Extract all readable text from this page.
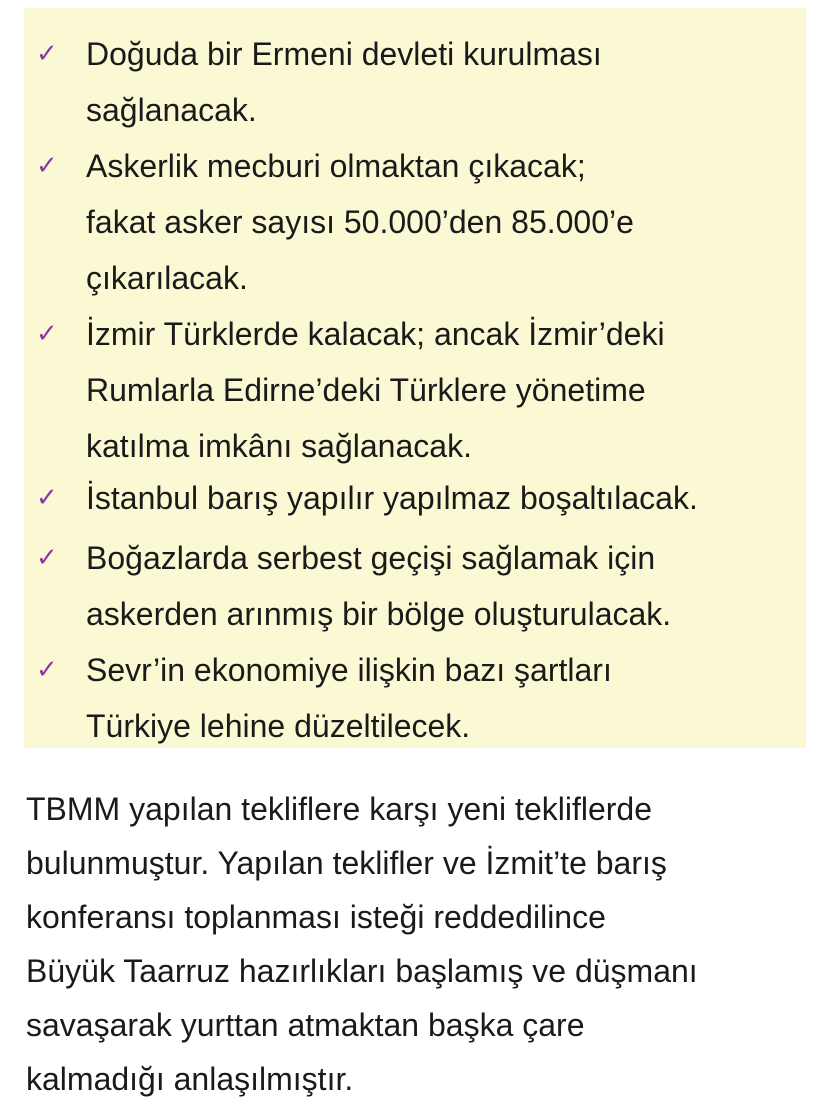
✓ Doğuda bir Ermeni devleti kurulması
sağlanacak.
✓ Askerlik mecburi olmaktan çıkacak;
fakat asker sayısı 50.000’den 85.000’e
çıkarılacak.
✓ İzmir Türklerde kalacak; ancak İzmir’deki
Rumlarla Edirne’deki Türklere yönetime
katılma imkânı sağlanacak.
✓ İstanbul barış yapılır yapılmaz boşaltılacak.
✓ Boğazlarda serbest geçişi sağlamak için
askerden arınmış bir bölge oluşturulacak.
✓ Sevr’in ekonomiye ilişkin bazı şartları
Türkiye lehine düzeltilecek.
TBMM yapılan tekliflere karşı yeni tekliflerde
bulunmuştur. Yapılan teklifler ve İzmit’te barış
konferansı toplanması isteği reddedilince
Büyük Taarruz hazırlıkları başlamış ve düşmanı
savaşarak yurttan atmaktan başka çare
kalmadığı anlaşılmıştır.
